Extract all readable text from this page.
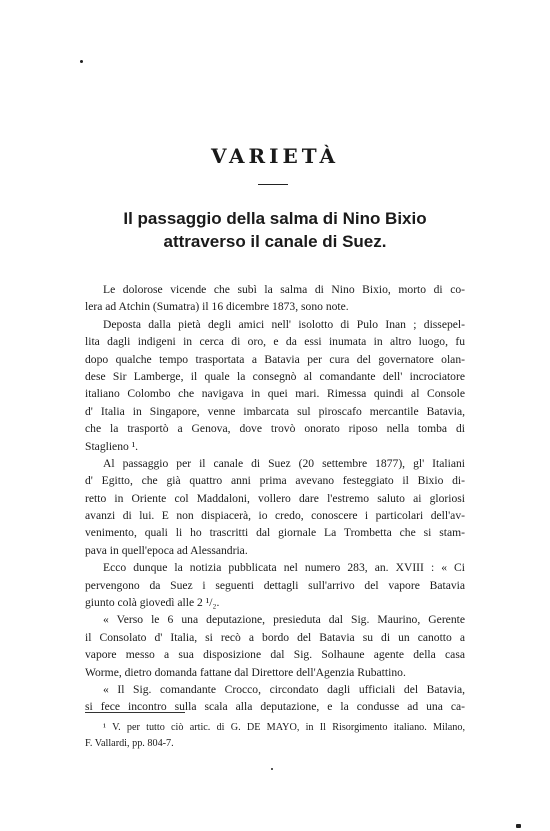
VARIETÀ
Il passaggio della salma di Nino Bixio
attraverso il canale di Suez.
Le dolorose vicende che subì la salma di Nino Bixio, morto di co-
lera ad Atchin (Sumatra) il 16 dicembre 1873, sono note.
Deposta dalla pietà degli amici nell' isolotto di Pulo Inan ; dissepel-
lita dagli indigeni in cerca di oro, e da essi inumata in altro luogo, fu
dopo qualche tempo trasportata a Batavia per cura del governatore olan-
dese Sir Lamberge, il quale la consegnò al comandante dell' incrociatore
italiano Colombo che navigava in quei mari. Rimessa quindi al Console
d' Italia in Singapore, venne imbarcata sul piroscafo mercantile Batavia,
che la trasportò a Genova, dove trovò onorato riposo nella tomba di
Staglieno ¹.
Al passaggio per il canale di Suez (20 settembre 1877), gl' Italiani
d' Egitto, che già quattro anni prima avevano festeggiato il Bixio di-
retto in Oriente col Maddaloni, vollero dare l'estremo saluto ai gloriosi
avanzi di lui. E non dispiacerà, io credo, conoscere i particolari dell'av-
venimento, quali li ho trascritti dal giornale La Trombetta che si stam-
pava in quell'epoca ad Alessandria.
Ecco dunque la notizia pubblicata nel numero 283, an. XVIII : « Ci
pervengono da Suez i seguenti dettagli sull'arrivo del vapore Batavia
giunto colà giovedì alle 2 ¹/₂.
« Verso le 6 una deputazione, presieduta dal Sig. Maurino, Gerente
il Consolato d' Italia, si recò a bordo del Batavia su di un canotto a
vapore messo a sua disposizione dal Sig. Solhaune agente della casa
Worme, dietro domanda fattane dal Direttore dell'Agenzia Rubattino.
« Il Sig. comandante Crocco, circondato dagli ufficiali del Batavia,
si fece incontro sulla scala alla deputazione, e la condusse ad una ca-
¹ V. per tutto ciò artic. di G. DE MAYO, in Il Risorgimento italiano. Milano,
F. Vallardi, pp. 804-7.
